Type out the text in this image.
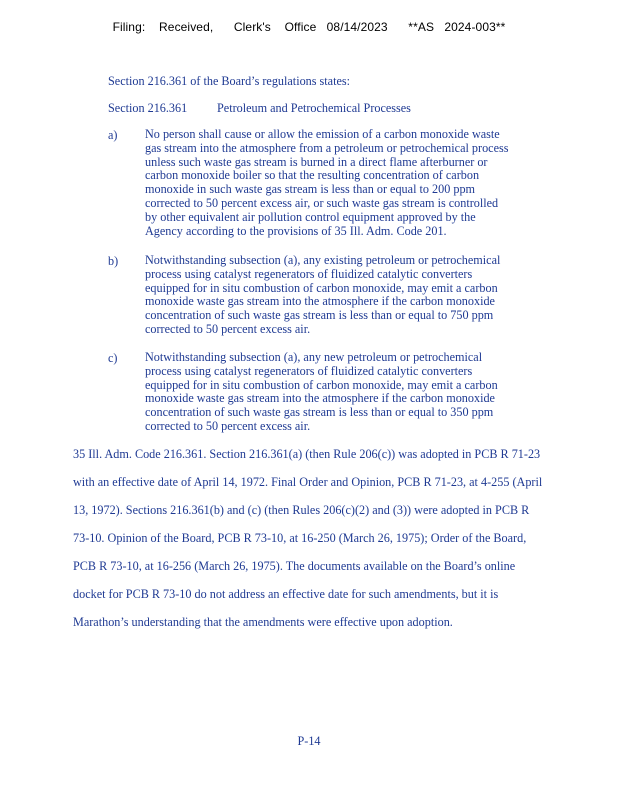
Filing:    Received,      Clerk's    Office   08/14/2023      **AS   2024-003**
Section 216.361 of the Board’s regulations states:
Section 216.361 Petroleum and Petrochemical Processes
a) No person shall cause or allow the emission of a carbon monoxide waste
gas stream into the atmosphere from a petroleum or petrochemical process
unless such waste gas stream is burned in a direct flame afterburner or
carbon monoxide boiler so that the resulting concentration of carbon
monoxide in such waste gas stream is less than or equal to 200 ppm
corrected to 50 percent excess air, or such waste gas stream is controlled
by other equivalent air pollution control equipment approved by the
Agency according to the provisions of 35 Ill. Adm. Code 201.
b) Notwithstanding subsection (a), any existing petroleum or petrochemical
process using catalyst regenerators of fluidized catalytic converters
equipped for in situ combustion of carbon monoxide, may emit a carbon
monoxide waste gas stream into the atmosphere if the carbon monoxide
concentration of such waste gas stream is less than or equal to 750 ppm
corrected to 50 percent excess air.
c) Notwithstanding subsection (a), any new petroleum or petrochemical
process using catalyst regenerators of fluidized catalytic converters
equipped for in situ combustion of carbon monoxide, may emit a carbon
monoxide waste gas stream into the atmosphere if the carbon monoxide
concentration of such waste gas stream is less than or equal to 350 ppm
corrected to 50 percent excess air.
35 Ill. Adm. Code 216.361. Section 216.361(a) (then Rule 206(c)) was adopted in PCB R 71-23
with an effective date of April 14, 1972. Final Order and Opinion, PCB R 71-23, at 4-255 (April
13, 1972). Sections 216.361(b) and (c) (then Rules 206(c)(2) and (3)) were adopted in PCB R
73-10. Opinion of the Board, PCB R 73-10, at 16-250 (March 26, 1975); Order of the Board,
PCB R 73-10, at 16-256 (March 26, 1975). The documents available on the Board’s online
docket for PCB R 73-10 do not address an effective date for such amendments, but it is
Marathon’s understanding that the amendments were effective upon adoption.
P-14
